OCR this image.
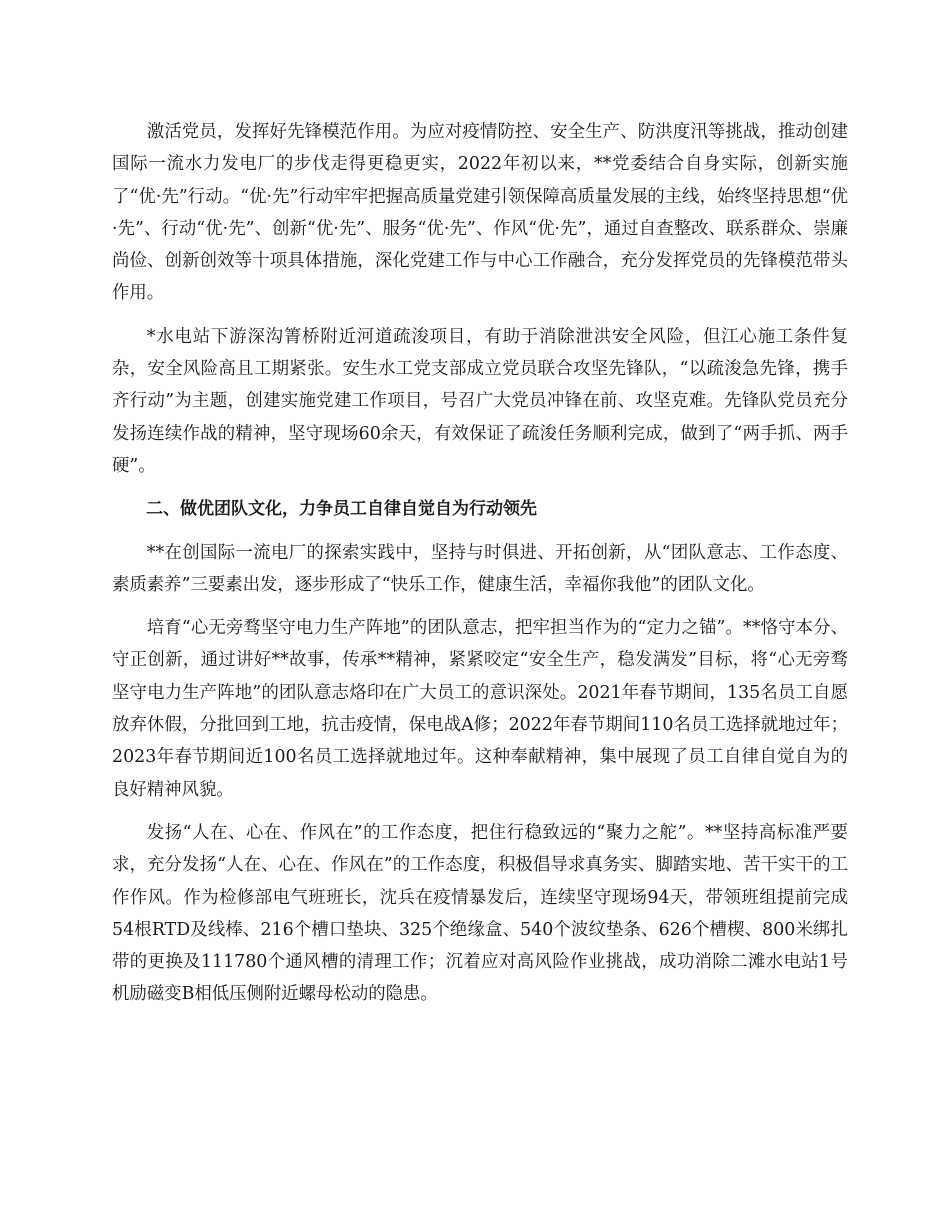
激活党员，发挥好先锋模范作用。为应对疫情防控、安全生产、防洪度汛等挑战，推动创建国际一流水力发电厂的步伐走得更稳更实，2022年初以来，**党委结合自身实际，创新实施了“优·先”行动。“优·先”行动牢牢把握高质量党建引领保障高质量发展的主线，始终坚持思想“优·先”、行动“优·先”、创新“优·先”、服务“优·先”、作风“优·先”，通过自查整改、联系群众、崇廉尚俭、创新创效等十项具体措施，深化党建工作与中心工作融合，充分发挥党员的先锋模范带头作用。

*水电站下游深沟箐桥附近河道疏浚项目，有助于消除泄洪安全风险，但江心施工条件复杂，安全风险高且工期紧张。安生水工党支部成立党员联合攻坚先锋队，“以疏浚急先锋，携手齐行动”为主题，创建实施党建工作项目，号召广大党员冲锋在前、攻坚克难。先锋队党员充分发扬连续作战的精神，坚守现场60余天，有效保证了疏浚任务顺利完成，做到了“两手抓、两手硬”。

二、做优团队文化，力争员工自律自觉自为行动领先

**在创国际一流电厂的探索实践中，坚持与时俱进、开拓创新，从“团队意志、工作态度、素质素养”三要素出发，逐步形成了“快乐工作，健康生活，幸福你我他”的团队文化。

培育“心无旁骛坚守电力生产阵地”的团队意志，把牢担当作为的“定力之锚”。**恪守本分、守正创新，通过讲好**故事，传承**精神，紧紧咬定“安全生产，稳发满发”目标，将“心无旁骛坚守电力生产阵地”的团队意志烙印在广大员工的意识深处。2021年春节期间，135名员工自愿放弃休假，分批回到工地，抗击疫情，保电战A修；2022年春节期间110名员工选择就地过年；2023年春节期间近100名员工选择就地过年。这种奉献精神，集中展现了员工自律自觉自为的良好精神风貌。

发扬“人在、心在、作风在”的工作态度，把住行稳致远的“聚力之舵”。**坚持高标准严要求，充分发扬“人在、心在、作风在”的工作态度，积极倡导求真务实、脚踏实地、苦干实干的工作作风。作为检修部电气班班长，沈兵在疫情暴发后，连续坚守现场94天，带领班组提前完成54根RTD及线棒、216个槽口垫块、325个绝缘盒、540个波纹垫条、626个槽楔、800米绑扎带的更换及111780个通风槽的清理工作；沉着应对高风险作业挑战，成功消除二滩水电站1号机励磁变B相低压侧附近螺母松动的隐患。
